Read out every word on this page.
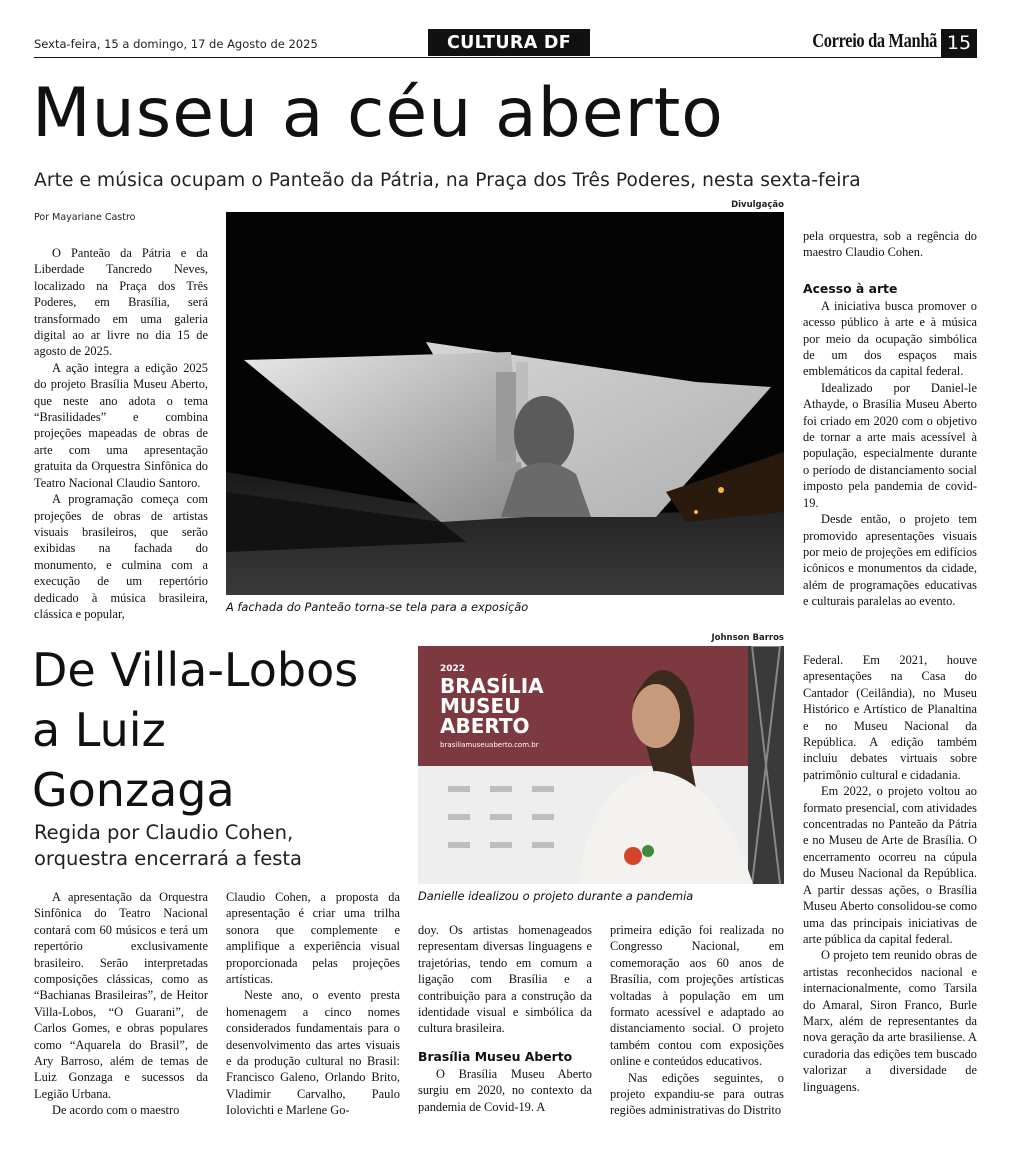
Sexta-feira, 15 a domingo, 17 de Agosto de 2025	CULTURA DF	Correio da Manhã 15
Museu a céu aberto
Arte e música ocupam o Panteão da Pátria, na Praça dos Três Poderes, nesta sexta-feira
Por Mayariane Castro

O Panteão da Pátria e da Liberdade Tancredo Neves, localizado na Praça dos Três Poderes, em Brasília, será transformado em uma galeria digital ao ar livre no dia 15 de agosto de 2025.

A ação integra a edição 2025 do projeto Brasília Museu Aberto, que neste ano adota o tema “Brasilidades” e combina projeções mapeadas de obras de arte com uma apresentação gratuita da Orquestra Sinfônica do Teatro Nacional Claudio Santoro.

A programação começa com projeções de obras de artistas visuais brasileiros, que serão exibidas na fachada do monumento, e culmina com a execução de um repertório dedicado à música brasileira, clássica e popular,

Divulgação
A fachada do Panteão torna-se tela para a exposição

pela orquestra, sob a regência do maestro Claudio Cohen.

Acesso à arte

A iniciativa busca promover o acesso público à arte e à música por meio da ocupação simbólica de um dos espaços mais emblemáticos da capital federal.

Idealizado por Daniel-le Athayde, o Brasília Museu Aberto foi criado em 2020 com o objetivo de tornar a arte mais acessível à população, especialmente durante o período de distanciamento social imposto pela pandemia de covid-19.

Desde então, o projeto tem promovido apresentações visuais por meio de projeções em edifícios icônicos e monumentos da cidade, além de programações educativas e culturais paralelas ao evento.

De Villa-Lobos a Luiz Gonzaga
Regida por Claudio Cohen, orquestra encerrará a festa
Johnson Barros
2022
BRASÍLIA
MUSEU
ABERTO
brasiliamuseuaberto.com.br
Danielle idealizou o projeto durante a pandemia

A apresentação da Orquestra Sinfônica do Teatro Nacional contará com 60 músicos e terá um repertório exclusivamente brasileiro. Serão interpretadas composições clássicas, como as “Bachianas Brasileiras”, de Heitor Villa-Lobos, “O Guarani”, de Carlos Gomes, e obras populares como “Aquarela do Brasil”, de Ary Barroso, além de temas de Luiz Gonzaga e sucessos da Legião Urbana.

De acordo com o maestro

Claudio Cohen, a proposta da apresentação é criar uma trilha sonora que complemente e amplifique a experiência visual proporcionada pelas projeções artísticas.

Neste ano, o evento presta homenagem a cinco nomes considerados fundamentais para o desenvolvimento das artes visuais e da produção cultural no Brasil: Francisco Galeno, Orlando Brito, Vladimir Carvalho, Paulo Iolovichti e Marlene Go-

doy. Os artistas homenageados representam diversas linguagens e trajetórias, tendo em comum a ligação com Brasília e a contribuição para a construção da identidade visual e simbólica da cultura brasileira.

Brasília Museu Aberto

O Brasília Museu Aberto surgiu em 2020, no contexto da pandemia de Covid-19. A

primeira edição foi realizada no Congresso Nacional, em comemoração aos 60 anos de Brasília, com projeções artísticas voltadas à população em um formato acessível e adaptado ao distanciamento social. O projeto também contou com exposições online e conteúdos educativos.

Nas edições seguintes, o projeto expandiu-se para outras regiões administrativas do Distrito

Federal. Em 2021, houve apresentações na Casa do Cantador (Ceilândia), no Museu Histórico e Artístico de Planaltina e no Museu Nacional da República. A edição também incluiu debates virtuais sobre patrimônio cultural e cidadania.

Em 2022, o projeto voltou ao formato presencial, com atividades concentradas no Panteão da Pátria e no Museu de Arte de Brasília. O encerramento ocorreu na cúpula do Museu Nacional da República. A partir dessas ações, o Brasília Museu Aberto consolidou-se como uma das principais iniciativas de arte pública da capital federal.

O projeto tem reunido obras de artistas reconhecidos nacional e internacionalmente, como Tarsila do Amaral, Siron Franco, Burle Marx, além de representantes da nova geração da arte brasiliense. A curadoria das edições tem buscado valorizar a diversidade de linguagens.
